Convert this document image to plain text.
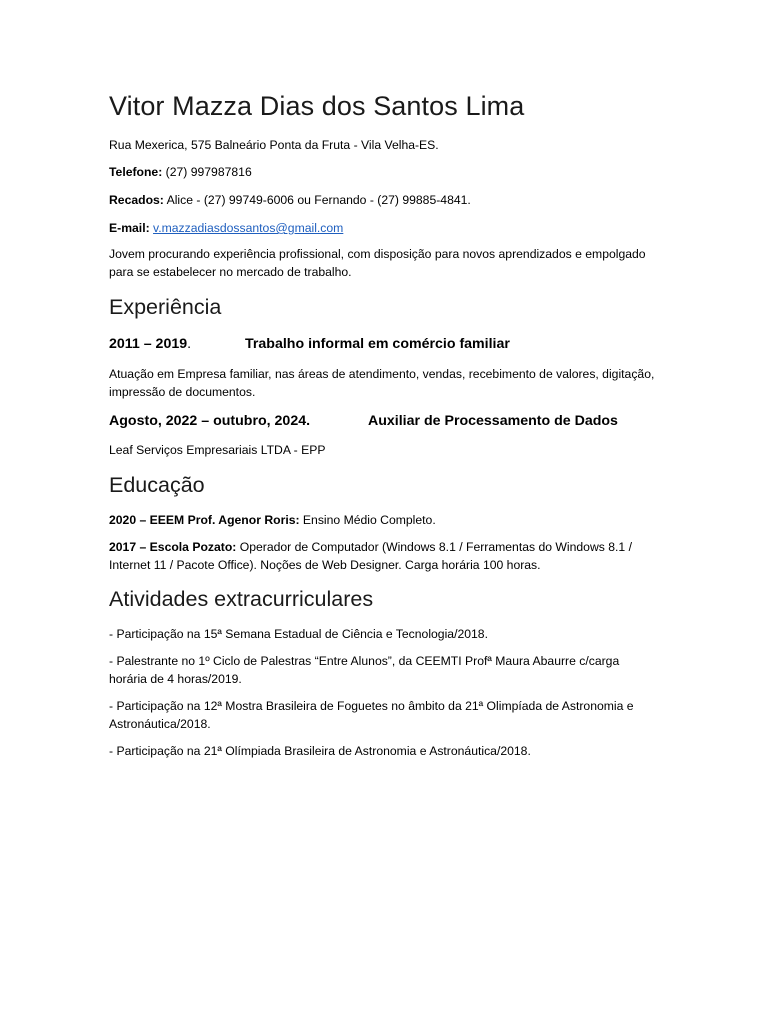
Vitor Mazza Dias dos Santos Lima
Rua Mexerica, 575 Balneário Ponta da Fruta - Vila Velha-ES.
Telefone: (27) 997987816
Recados: Alice - (27) 99749-6006 ou Fernando - (27) 99885-4841.
E-mail: v.mazzadiasdossantos@gmail.com
Jovem procurando experiência profissional, com disposição para novos aprendizados e empolgado para se estabelecer no mercado de trabalho.
Experiência
2011 – 2019.	Trabalho informal em comércio familiar
Atuação em Empresa familiar, nas áreas de atendimento, vendas, recebimento de valores, digitação, impressão de documentos.
Agosto, 2022 – outubro, 2024.	Auxiliar de Processamento de Dados
Leaf Serviços Empresariais LTDA - EPP
Educação
2020 – EEEM Prof. Agenor Roris: Ensino Médio Completo.
2017 – Escola Pozato: Operador de Computador (Windows 8.1 / Ferramentas do Windows 8.1 / Internet 11 / Pacote Office). Noções de Web Designer. Carga horária 100 horas.
Atividades extracurriculares
- Participação na 15ª Semana Estadual de Ciência e Tecnologia/2018.
- Palestrante no 1º Ciclo de Palestras “Entre Alunos”, da CEEMTI Profª Maura Abaurre c/carga horária de 4 horas/2019.
- Participação na 12ª Mostra Brasileira de Foguetes no âmbito da 21ª Olimpíada de Astronomia e Astronáutica/2018.
- Participação na 21ª Olímpiada Brasileira de Astronomia e Astronáutica/2018.
